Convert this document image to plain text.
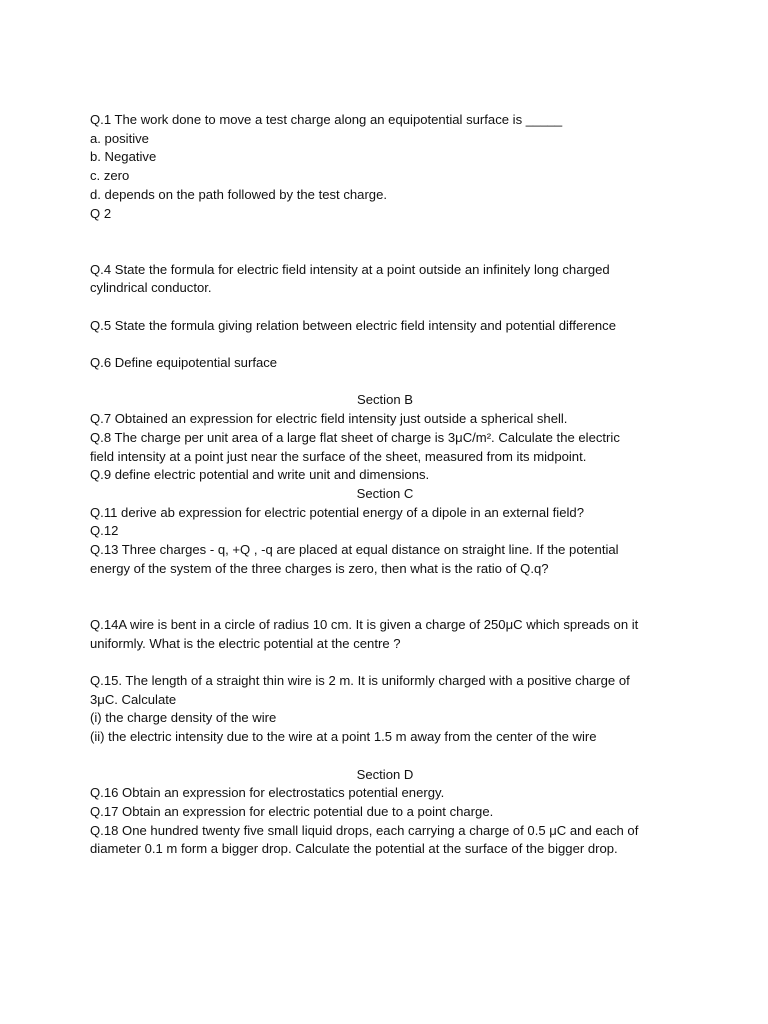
Q.1 The work done to move a test charge along an equipotential surface is _____
a. positive
b. Negative
c. zero
d. depends on the path followed by the test charge.
Q 2
Q.4 State the formula for electric field intensity at a point outside an infinitely long charged
cylindrical conductor.
Q.5 State the formula giving relation between electric field intensity and potential difference
Q.6 Define equipotential surface
Section B
Q.7 Obtained an expression for electric field intensity just outside a spherical shell.
Q.8 The charge per unit area of a large flat sheet of charge is 3μC/m². Calculate the electric
field intensity at a point just near the surface of the sheet, measured from its midpoint.
Q.9 define electric potential and write unit and dimensions.
Section C
Q.11 derive ab expression for electric potential energy of a dipole in an external field?
Q.12
Q.13 Three charges - q, +Q , -q are placed at equal distance on straight line. If the potential
energy of the system of the three charges is zero, then what is the ratio of Q.q?
Q.14A wire is bent in a circle of radius 10 cm. It is given a charge of 250μC which spreads on it
uniformly. What is the electric potential at the centre ?
Q.15. The length of a straight thin wire is 2 m. It is uniformly charged with a positive charge of
3μC. Calculate
(i) the charge density of the wire
(ii) the electric intensity due to the wire at a point 1.5 m away from the center of the wire
Section D
Q.16 Obtain an expression for electrostatics potential energy.
Q.17 Obtain an expression for electric potential due to a point charge.
Q.18 One hundred twenty five small liquid drops, each carrying a charge of 0.5 μC and each of
diameter 0.1 m form a bigger drop. Calculate the potential at the surface of the bigger drop.
